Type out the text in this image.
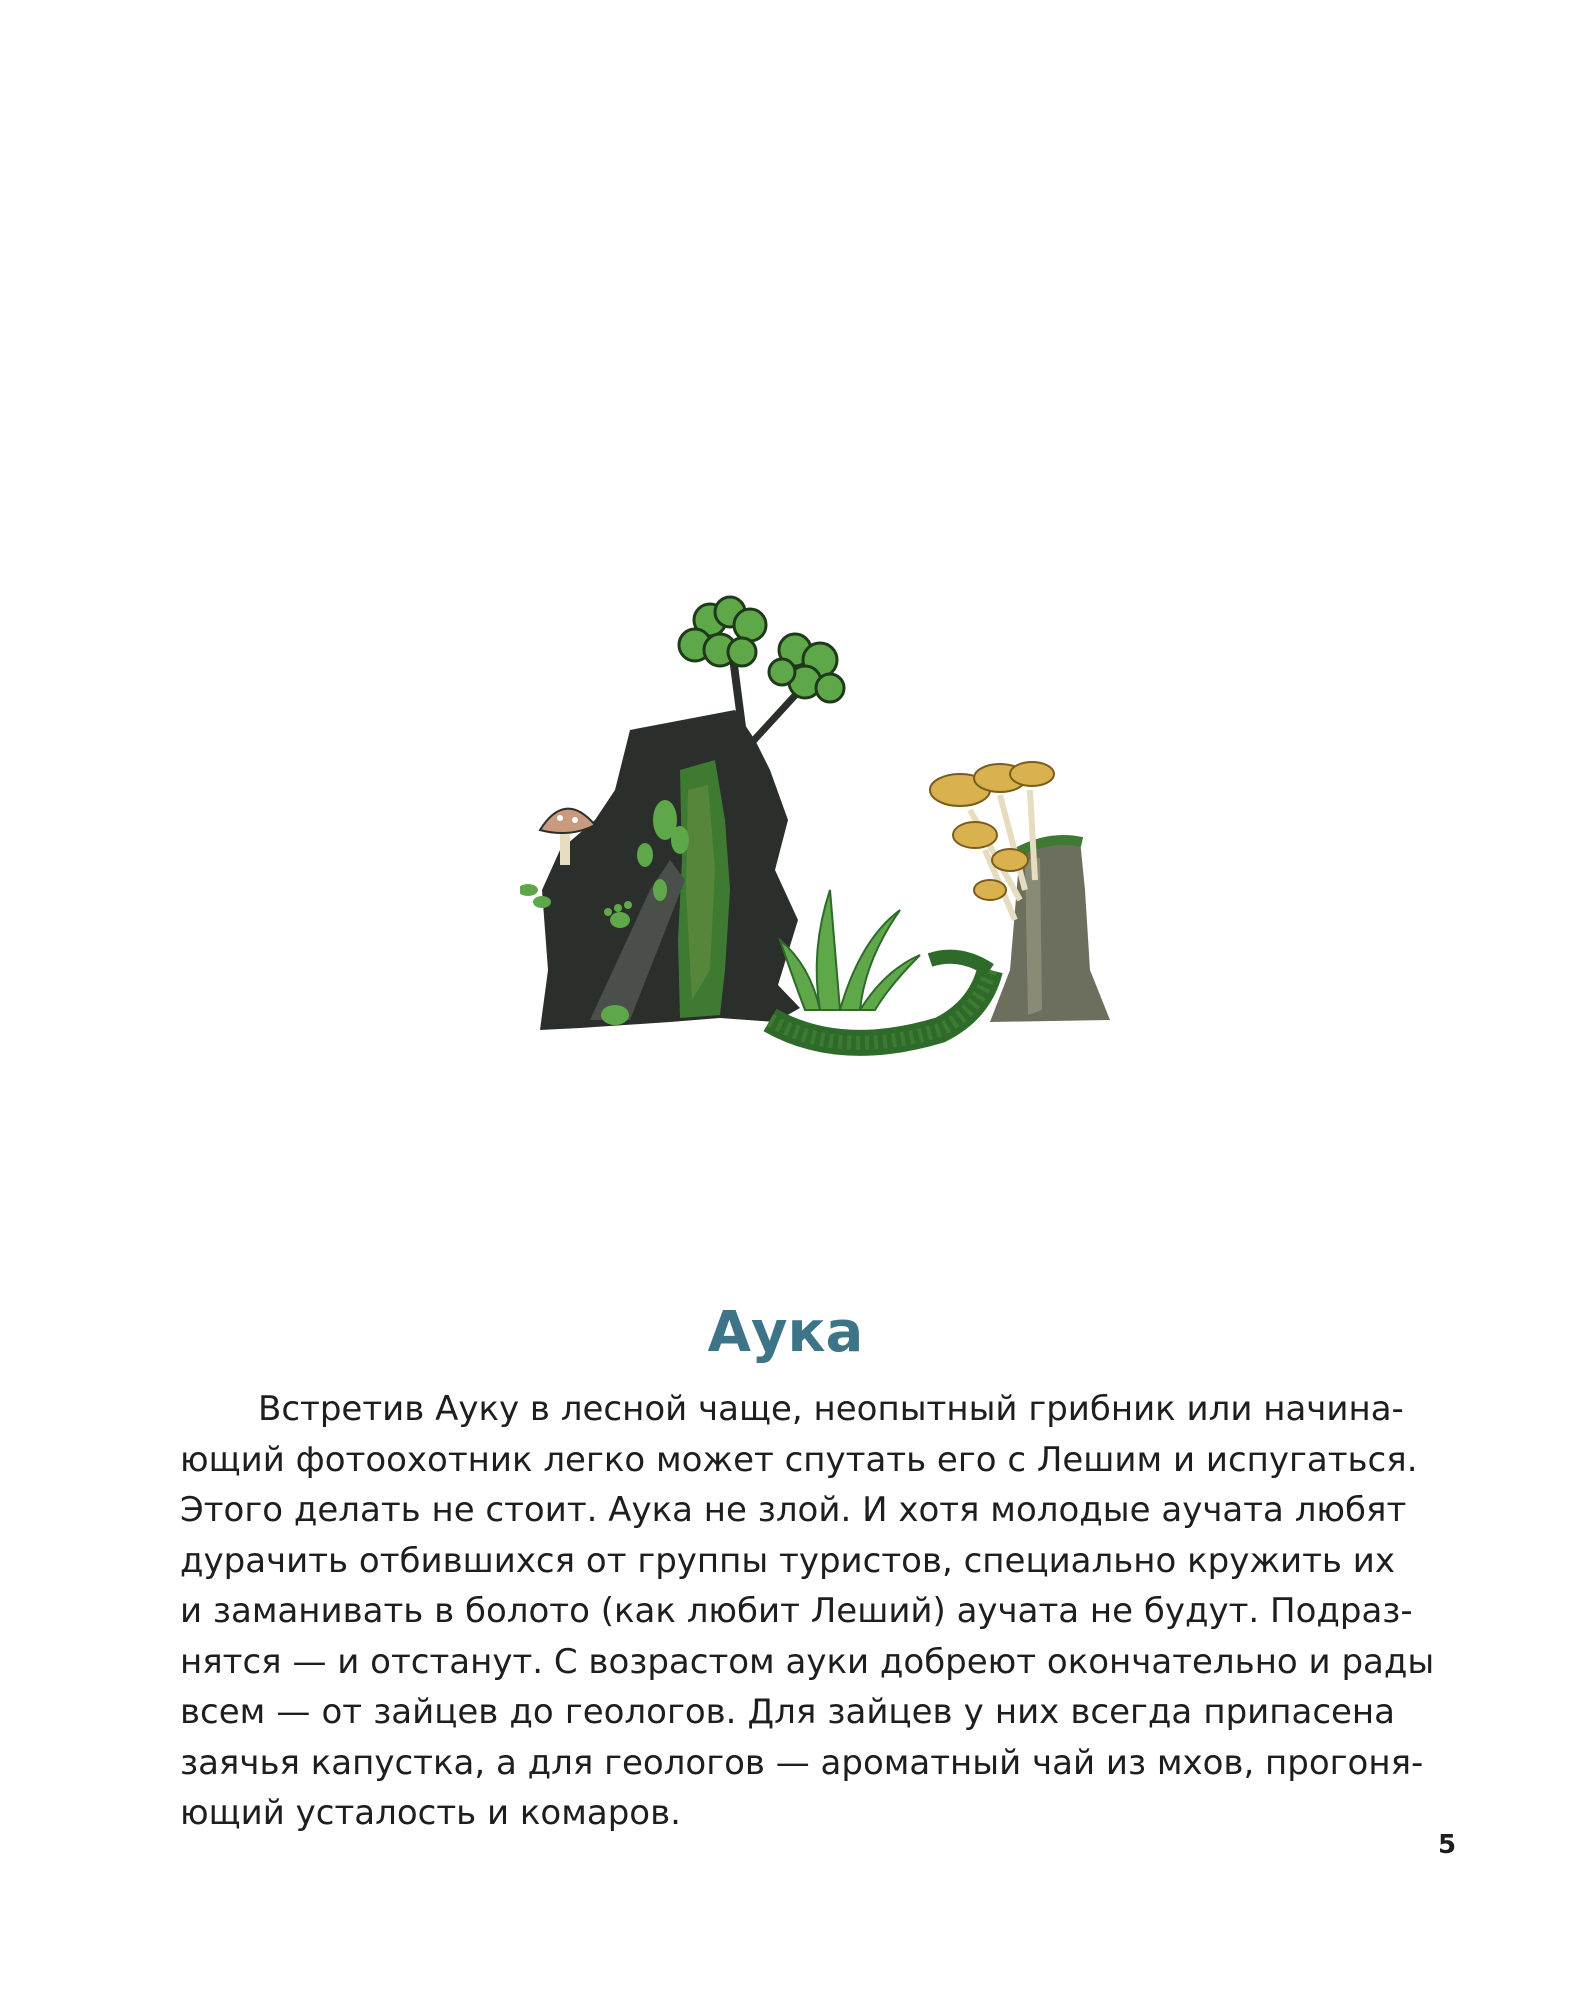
Аука

Встретив Ауку в лесной чаще, неопытный грибник или начина-
ющий фотоохотник легко может спутать его с Лешим и испугаться.
Этого делать не стоит. Аука не злой. И хотя молодые аучата любят
дурачить отбившихся от группы туристов, специально кружить их
и заманивать в болото (как любит Леший) аучата не будут. Подраз-
нятся — и отстанут. С возрастом ауки добреют окончательно и рады
всем — от зайцев до геологов. Для зайцев у них всегда припасена
заячья капустка, а для геологов — ароматный чай из мхов, прогоня-
ющий усталость и комаров.

5
